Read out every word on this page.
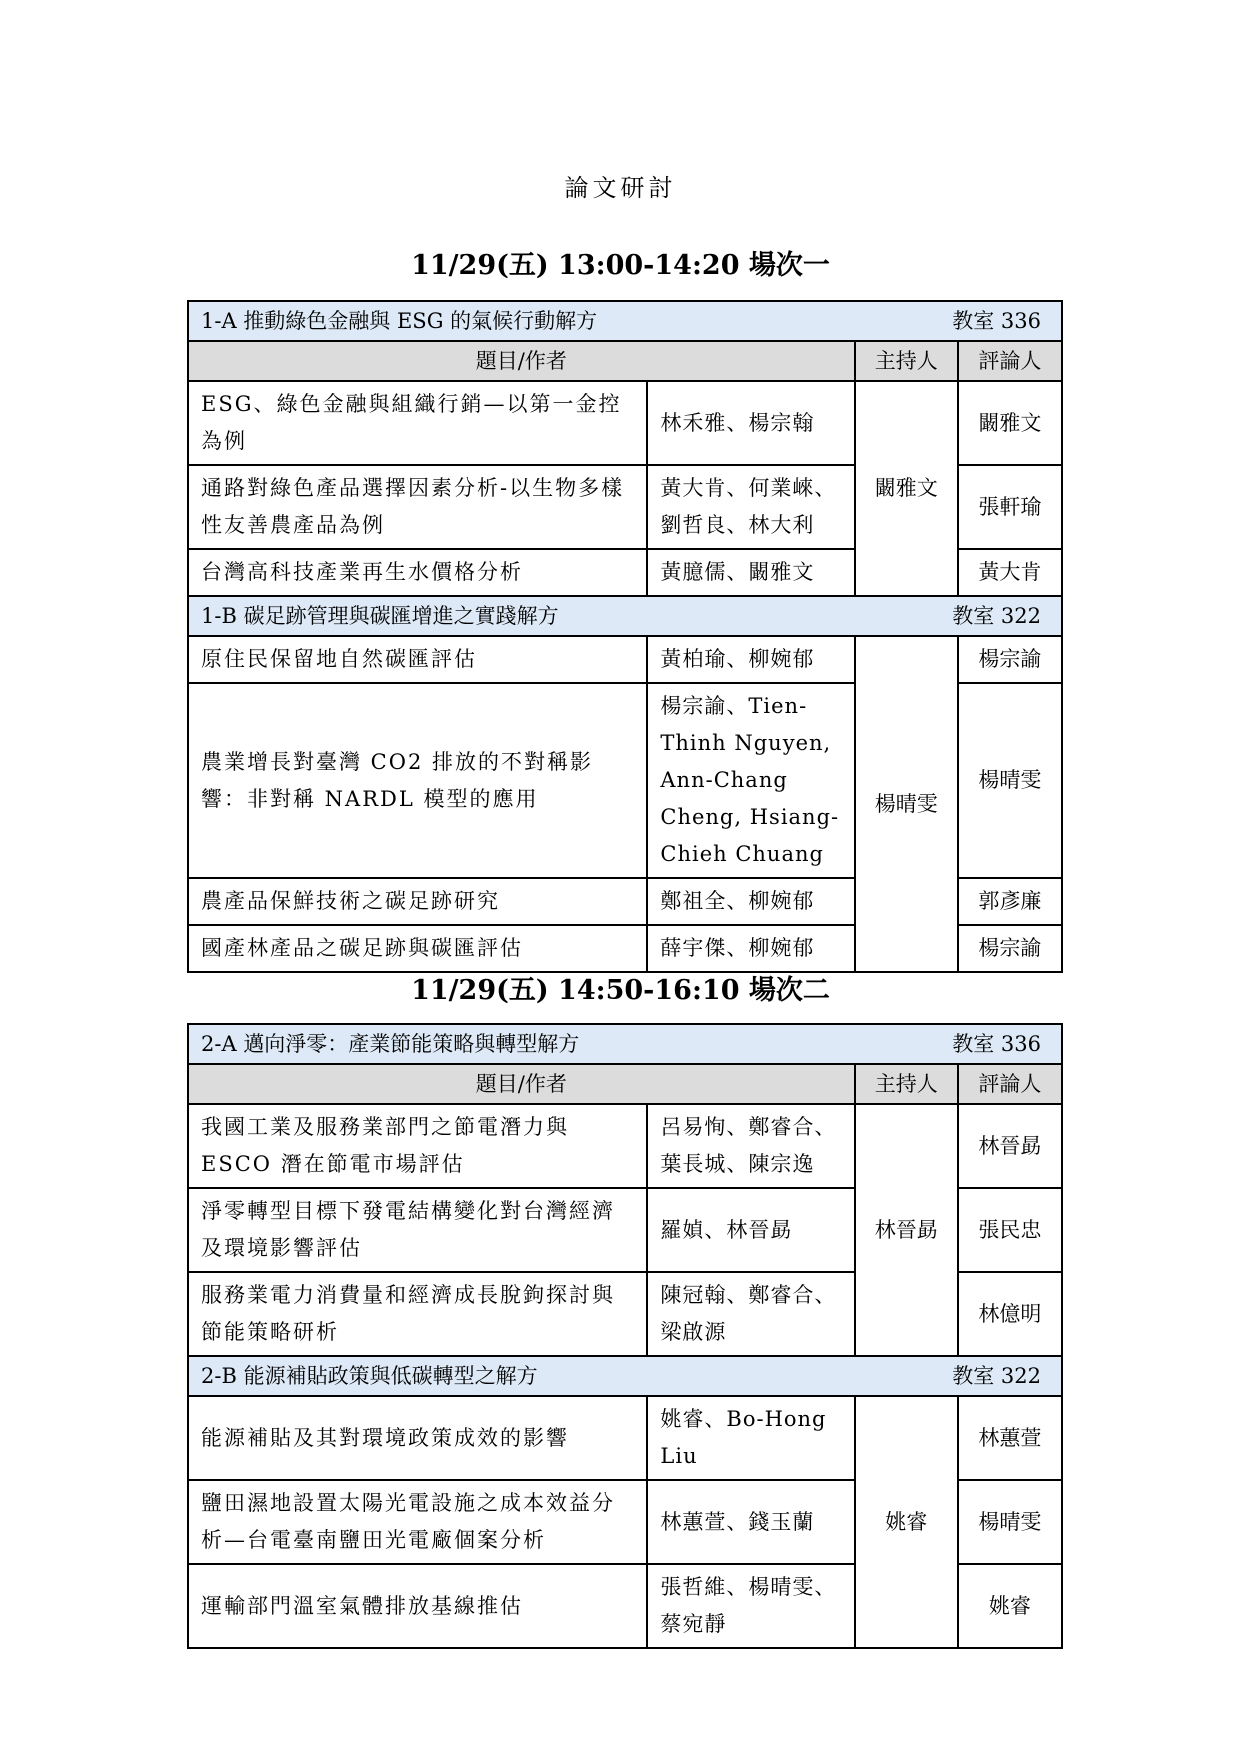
論文研討
11/29(五) 13:00-14:20 場次一
1-A 推動綠色金融與 ESG 的氣候行動解方 教室 336			

題目/作者		主持人	評論人
ESG、綠色金融與組織行銷—以第一金控為例	林禾雅、楊宗翰	闞雅文	闞雅文
通路對綠色產品選擇因素分析-以生物多樣性友善農產品為例	黃大肯、何業崍、劉哲良、林大利		張軒瑜
台灣高科技產業再生水價格分析	黃臆儒、闞雅文		黃大肯
1-B 碳足跡管理與碳匯增進之實踐解方 教室 322			

原住民保留地自然碳匯評估	黃柏瑜、柳婉郁	楊晴雯	楊宗諭
農業增長對臺灣 CO2 排放的不對稱影響：非對稱 NARDL 模型的應用	楊宗諭、Tien-Thinh Nguyen, Ann-Chang Cheng, Hsiang-Chieh Chuang		楊晴雯
農產品保鮮技術之碳足跡研究	鄭祖全、柳婉郁		郭彥廉
國產林產品之碳足跡與碳匯評估	薛宇傑、柳婉郁		楊宗諭
11/29(五) 14:50-16:10 場次二
2-A 邁向淨零：產業節能策略與轉型解方 教室 336			

題目/作者		主持人	評論人
我國工業及服務業部門之節電潛力與 ESCO 潛在節電市場評估	呂易恂、鄭睿合、葉長城、陳宗逸	林晉勗	林晉勗
淨零轉型目標下發電結構變化對台灣經濟及環境影響評估	羅媜、林晉勗		張民忠
服務業電力消費量和經濟成長脫鉤探討與節能策略研析	陳冠翰、鄭睿合、梁啟源		林億明
2-B 能源補貼政策與低碳轉型之解方 教室 322			

能源補貼及其對環境政策成效的影響	姚睿、Bo-Hong Liu	姚睿	林蕙萱
鹽田濕地設置太陽光電設施之成本效益分析—台電臺南鹽田光電廠個案分析	林蕙萱、錢玉蘭		楊晴雯
運輸部門溫室氣體排放基線推估	張哲維、楊晴雯、蔡宛靜		姚睿
